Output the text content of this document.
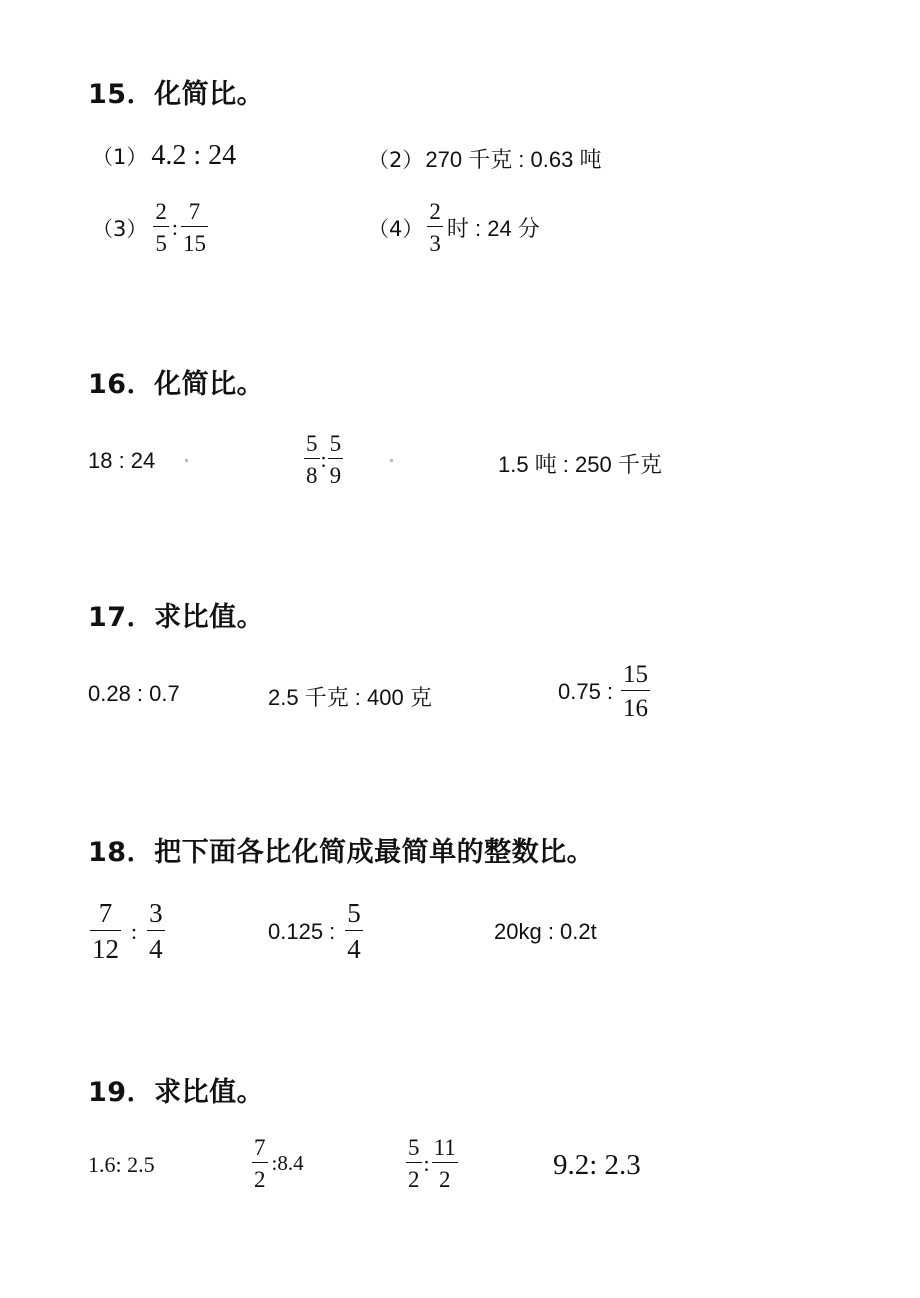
15．化简比。
（1） 4.2 : 24	（2） 270 千克 : 0.63 吨
$(3) \frac{2}{5}$ : $\frac{7}{15}$	$(4) \frac{2}{3}$ 时 : 24 分
16．化简比。
18 : 24	$\frac{5}{8}$ : $\frac{5}{9}$	1.5 吨 : 250 千克
17．求比值。
0.28 : 0.7	2.5 千克 : 400 克	0.75 : $\frac{15}{16}$
18．把下面各比化简成最简单的整数比。
$\frac{7}{12}$ : $\frac{3}{4}$	0.125 : $\frac{5}{4}$	20kg : 0.2t
19．求比值。
1.6: 2.5	$\frac{7}{2}$ :8.4	$\frac{5}{2}$ : $\frac{11}{2}$	9.2: 2.3
